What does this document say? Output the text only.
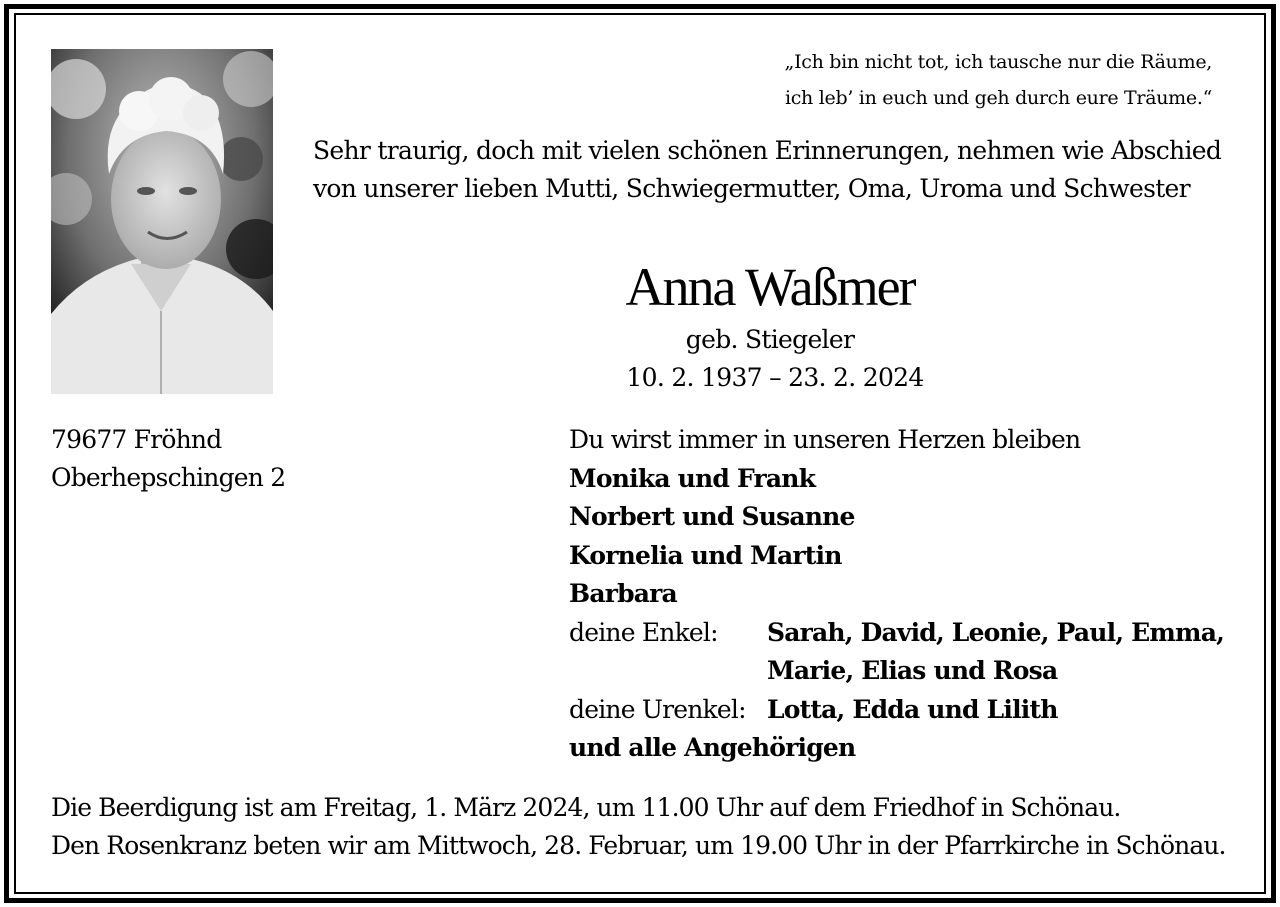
„Ich bin nicht tot, ich tausche nur die Räume,
ich leb’ in euch und geh durch eure Träume.“
Sehr traurig, doch mit vielen schönen Erinnerungen, nehmen wie Abschied
von unserer lieben Mutti, Schwiegermutter, Oma, Uroma und Schwester
Anna Waßmer
geb. Stiegeler
10. 2. 1937 – 23. 2. 2024
79677 Fröhnd
Oberhepschingen 2
Du wirst immer in unseren Herzen bleiben
Monika und Frank
Norbert und Susanne
Kornelia und Martin
Barbara
deine Enkel: Sarah, David, Leonie, Paul, Emma,
Marie, Elias und Rosa
deine Urenkel: Lotta, Edda und Lilith
und alle Angehörigen
Die Beerdigung ist am Freitag, 1. März 2024, um 11.00 Uhr auf dem Friedhof in Schönau.
Den Rosenkranz beten wir am Mittwoch, 28. Februar, um 19.00 Uhr in der Pfarrkirche in Schönau.
